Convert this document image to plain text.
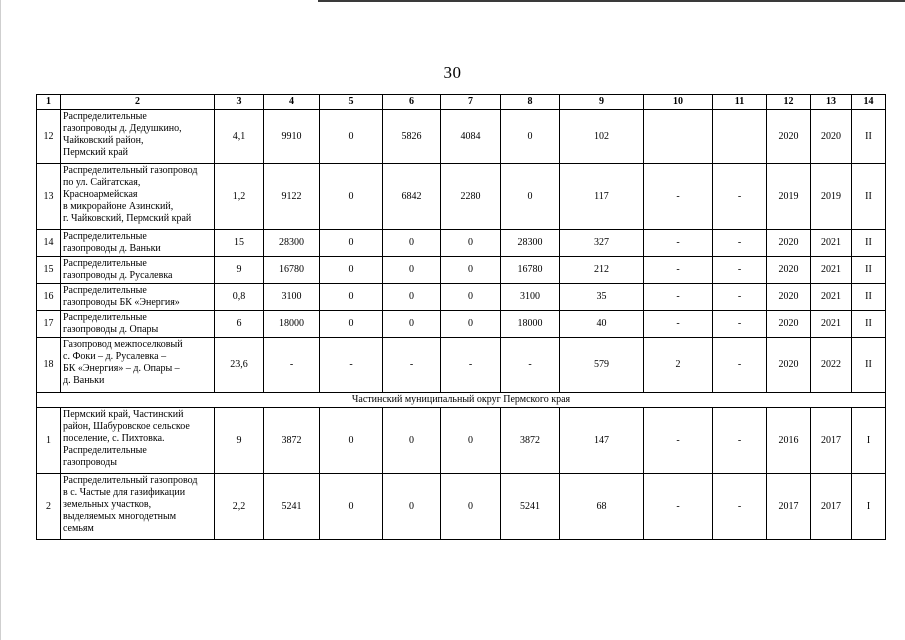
30
1	2	3	4	5	6	7	8	9	10	11	12	13	14
12	Распределительные
газопроводы д. Дедушкино,
Чайковский район,
Пермский край	4,1	9910	0	5826	4084	0	102			2020	2020	II
13	Распределительный газопровод
по ул. Сайгатская,
Красноармейская
в микрорайоне Азинский,
г. Чайковский, Пермский край	1,2	9122	0	6842	2280	0	117	-	-	2019	2019	II
14	Распределительные
газопроводы д. Ваньки	15	28300	0	0	0	28300	327	-	-	2020	2021	II
15	Распределительные
газопроводы д. Русалевка	9	16780	0	0	0	16780	212	-	-	2020	2021	II
16	Распределительные
газопроводы БК «Энергия»	0,8	3100	0	0	0	3100	35	-	-	2020	2021	II
17	Распределительные
газопроводы д. Опары	6	18000	0	0	0	18000	40	-	-	2020	2021	II
18	Газопровод межпоселковый
с. Фоки – д. Русалевка –
БК «Энергия» – д. Опары –
д. Ваньки	23,6	-	-	-	-	-	579	2	-	2020	2022	II
Частинский муниципальный округ Пермского края													
1	Пермский край, Частинский
район, Шабуровское сельское
поселение, с. Пихтовка.
Распределительные
газопроводы	9	3872	0	0	0	3872	147	-	-	2016	2017	I
2	Распределительный газопровод
в с. Частые для газификации
земельных участков,
выделяемых многодетным
семьям	2,2	5241	0	0	0	5241	68	-	-	2017	2017	I
